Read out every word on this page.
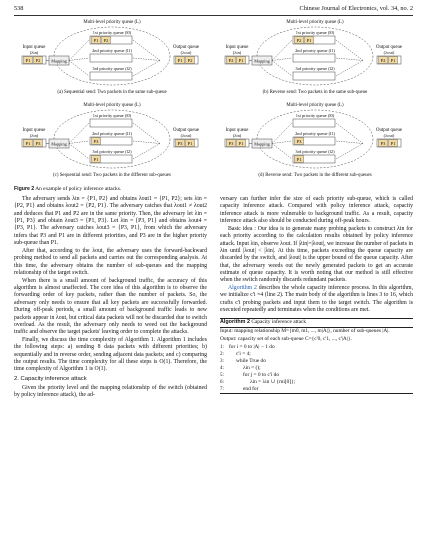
538	Chinese Journal of Electronics, vol. 34, no. 2
Multi-level priority queue (L)
1st priority queue (l0)
P1 P2
2nd priority queue (l1)
3rd priority queue (l2)
Input queue
(λin)
P1 P2	Mapping
Output queue
(λout)
P1 P2
(a) Sequential send: Two packets in the same sub-queue
Multi-level priority queue (L)
1st priority queue (l0)
P2 P1
2nd priority queue (l1)
3rd priority queue (l2)
Input queue
(λin)
P2 P1	Mapping
Output queue
(λout)
P2 P1
(b) Reverse send: Two packets in the same sub-queue
Multi-level priority queue (L)
1st priority queue (l0)
2nd priority queue (l1)
P3
3rd priority queue (l2)
P1
Input queue
(λin)
P1 P3	Mapping
Output queue
(λout)
P3 P1
(c) Sequential send: Two packets in the different sub-queues
Multi-level priority queue (L)
1st priority queue (l0)
2nd priority queue (l1)
P3
3rd priority queue (l2)
P1
Input queue
(λin)
P3 P1	Mapping
Output queue
(λout)
P3 P1
(d) Reverse send: Two packets in the different sub-queues
Figure 2 An example of policy inference attacks.

The adversary sends λin = {P1, P2} and obtains λout1 = {P1, P2}; sets λin = {P2, P1} and obtains λout2 = {P2, P1}. The adversary catches that λout1 ≠ λout2 and deduces that P1 and P2 are in the same priority. Then, the adversary let λin = {P1, P3} and obtain λout3 = {P1, P3}. Let λin = {P3, P1} and obtains λout4 = {P3, P1}. The adversary catches λout3 = {P3, P1}, from which the adversary infers that P3 and P1 are in different priorities, and P3 are in the higher priority sub-queue than P1.

After that, according to the λout, the adversary uses the forward-backward probing method to send all packets and carries out the corresponding analysis. At this time, the adversary obtains the number of sub-queues and the mapping relationship of the target switch.

When there is a small amount of background traffic, the accuracy of this algorithm is almost unaffected. The core idea of this algorithm is to observe the forwarding order of key packets, rather than the number of packets. So, the adversary only needs to ensure that all key packets are successfully forwarded. During off-peak periods, a small amount of background traffic leads to new packets appear in λout, but critical data packets will not be discarded due to switch overload. As the result, the adversary only needs to weed out the background traffic and observe the target packets' leaving order to complete the attacks.

Finally, we discuss the time complexity of Algorithm 1. Algorithm 1 includes the following steps: a) sending 8 data packets with different priorities; b) sequentially and in reverse order, sending adjacent data packets; and c) comparing the output results. The time complexity for all these steps is O(1). Therefore, the time complexity of Algorithm 1 is O(1).

2. Capacity inference attack

Given the priority level and the mapping relationship of the switch (obtained by policy inference attack), the ad-

versary can further infer the size of each priority sub-queue, which is called capacity inference attack. Compared with policy inference attack, capacity inference attack is more vulnerable to background traffic. As a result, capacity inference attack also should be conducted during off-peak hours.

Basic idea : Our idea is to generate many probing packets to construct λin for each priority according to the calculation results obtained by policy inference attack. Input λin, observe λout. If |λin|=|λout|, we increase the number of packets in λin until |λout| < |λin|. At this time, packets exceeding the queue capacity are discarded by the switch, and |λout| is the upper bound of the queue capacity. After that, the adversary weeds out the newly generated packets to get an accurate estimate of queue capacity. It is worth noting that our method is still effective when the switch randomly discards redundant packets.

Algorithm 2 describes the whole capacity inference process. In this algorithm, we initialize c'i =4 (line 2). The main body of the algorithm is lines 3 to 16, which crafts c'i probing packets and input them to the target switch. The algorithm is executed repeatedly and terminates when the conditions are met.

Algorithm 2 Capacity inference attack
Input: mapping relationship M={m0, m1, ..., m|A|}, number of sub-queues |A|.
Output: capacity set of each sub-queue C={c'0, c'1, ..., c'|A|}.
1: for i = 0 to |A| − 1 do
2:	c'i = 4;
3:	while True do
4:	λin = ();
5:	for j = 0 to c'i do
6:	λin = λin ∪ {mi[0]};
7:	end for
